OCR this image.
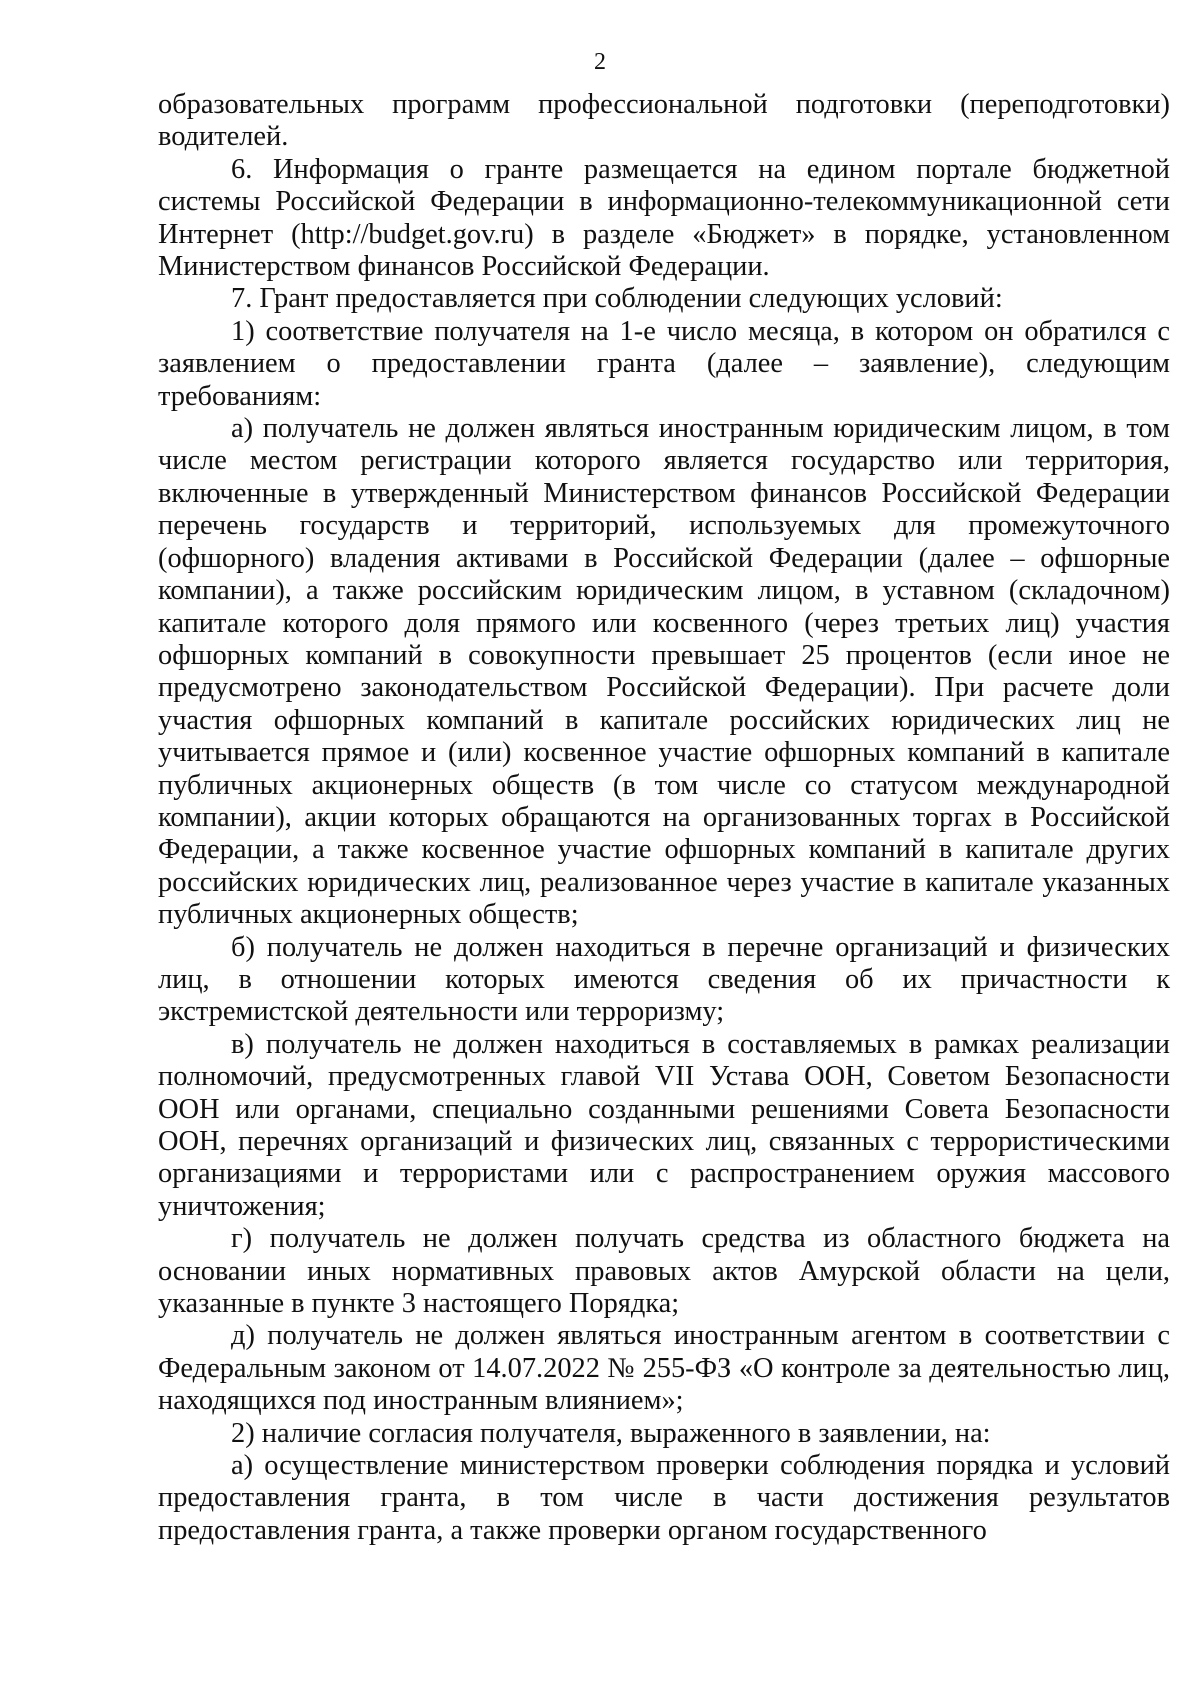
2

образовательных программ профессиональной подготовки (переподготовки) водителей.

6. Информация о гранте размещается на едином портале бюджетной системы Российской Федерации в информационно-телекоммуникационной сети Интернет (http://budget.gov.ru) в разделе «Бюджет» в порядке, установленном Министерством финансов Российской Федерации.

7. Грант предоставляется при соблюдении следующих условий:

1) соответствие получателя на 1-е число месяца, в котором он обратился с заявлением о предоставлении гранта (далее – заявление), следующим требованиям:

а) получатель не должен являться иностранным юридическим лицом, в том числе местом регистрации которого является государство или территория, включенные в утвержденный Министерством финансов Российской Федерации перечень государств и территорий, используемых для промежуточного (офшорного) владения активами в Российской Федерации (далее – офшорные компании), а также российским юридическим лицом, в уставном (складочном) капитале которого доля прямого или косвенного (через третьих лиц) участия офшорных компаний в совокупности превышает 25 процентов (если иное не предусмотрено законодательством Российской Федерации). При расчете доли участия офшорных компаний в капитале российских юридических лиц не учитывается прямое и (или) косвенное участие офшорных компаний в капитале публичных акционерных обществ (в том числе со статусом международной компании), акции которых обращаются на организованных торгах в Российской Федерации, а также косвенное участие офшорных компаний в капитале других российских юридических лиц, реализованное через участие в капитале указанных публичных акционерных обществ;

б) получатель не должен находиться в перечне организаций и физических лиц, в отношении которых имеются сведения об их причастности к экстремистской деятельности или терроризму;

в) получатель не должен находиться в составляемых в рамках реализации полномочий, предусмотренных главой VII Устава ООН, Советом Безопасности ООН или органами, специально созданными решениями Совета Безопасности ООН, перечнях организаций и физических лиц, связанных с террористическими организациями и террористами или с распространением оружия массового уничтожения;

г) получатель не должен получать средства из областного бюджета на основании иных нормативных правовых актов Амурской области на цели, указанные в пункте 3 настоящего Порядка;

д) получатель не должен являться иностранным агентом в соответствии с Федеральным законом от 14.07.2022 № 255-ФЗ «О контроле за деятельностью лиц, находящихся под иностранным влиянием»;

2) наличие согласия получателя, выраженного в заявлении, на:

а) осуществление министерством проверки соблюдения порядка и условий предоставления гранта, в том числе в части достижения результатов предоставления гранта, а также проверки органом государственного
